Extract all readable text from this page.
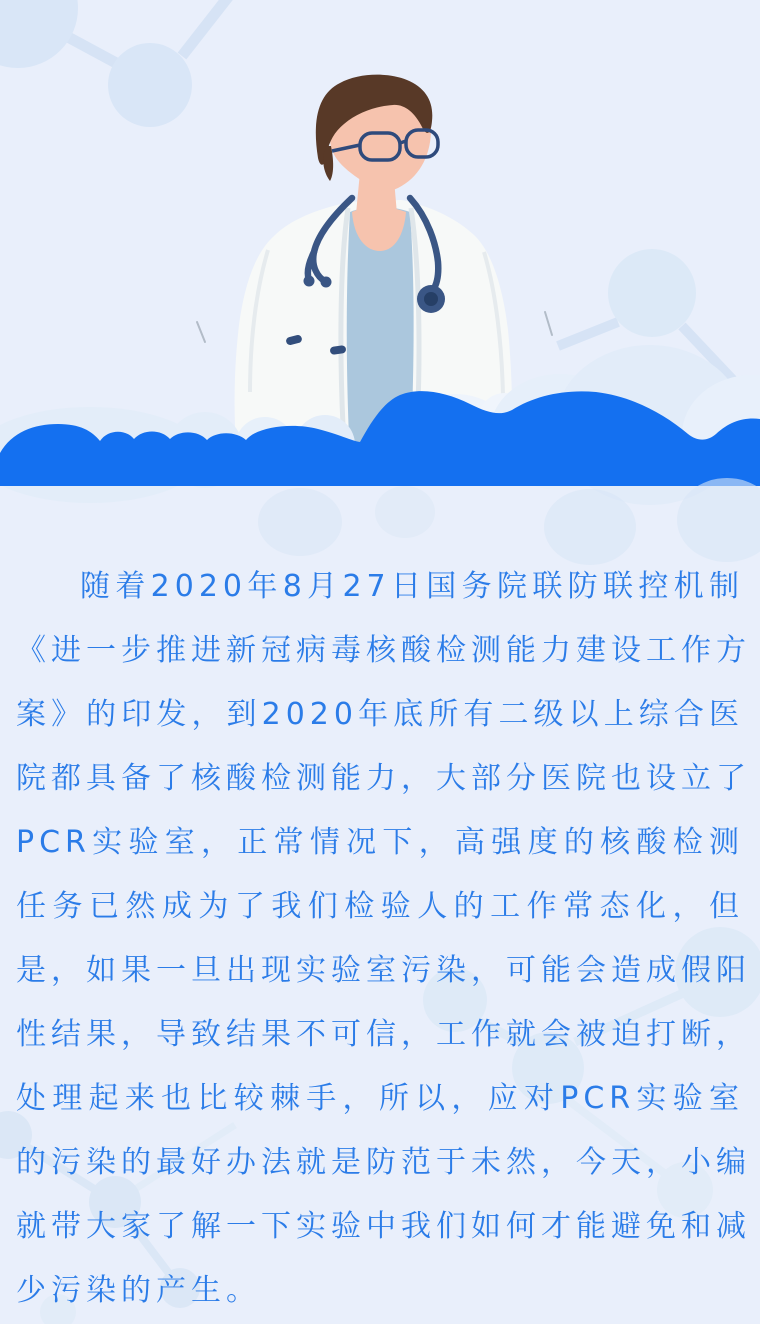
随着2020年8月27日国务院联防联控机制
《进一步推进新冠病毒核酸检测能力建设工作方
案》的印发，到2020年底所有二级以上综合医
院都具备了核酸检测能力，大部分医院也设立了
PCR实验室，正常情况下，高强度的核酸检测
任务已然成为了我们检验人的工作常态化，但
是，如果一旦出现实验室污染，可能会造成假阳
性结果，导致结果不可信，工作就会被迫打断，
处理起来也比较棘手，所以，应对PCR实验室
的污染的最好办法就是防范于未然，今天，小编
就带大家了解一下实验中我们如何才能避免和减
少污染的产生。
